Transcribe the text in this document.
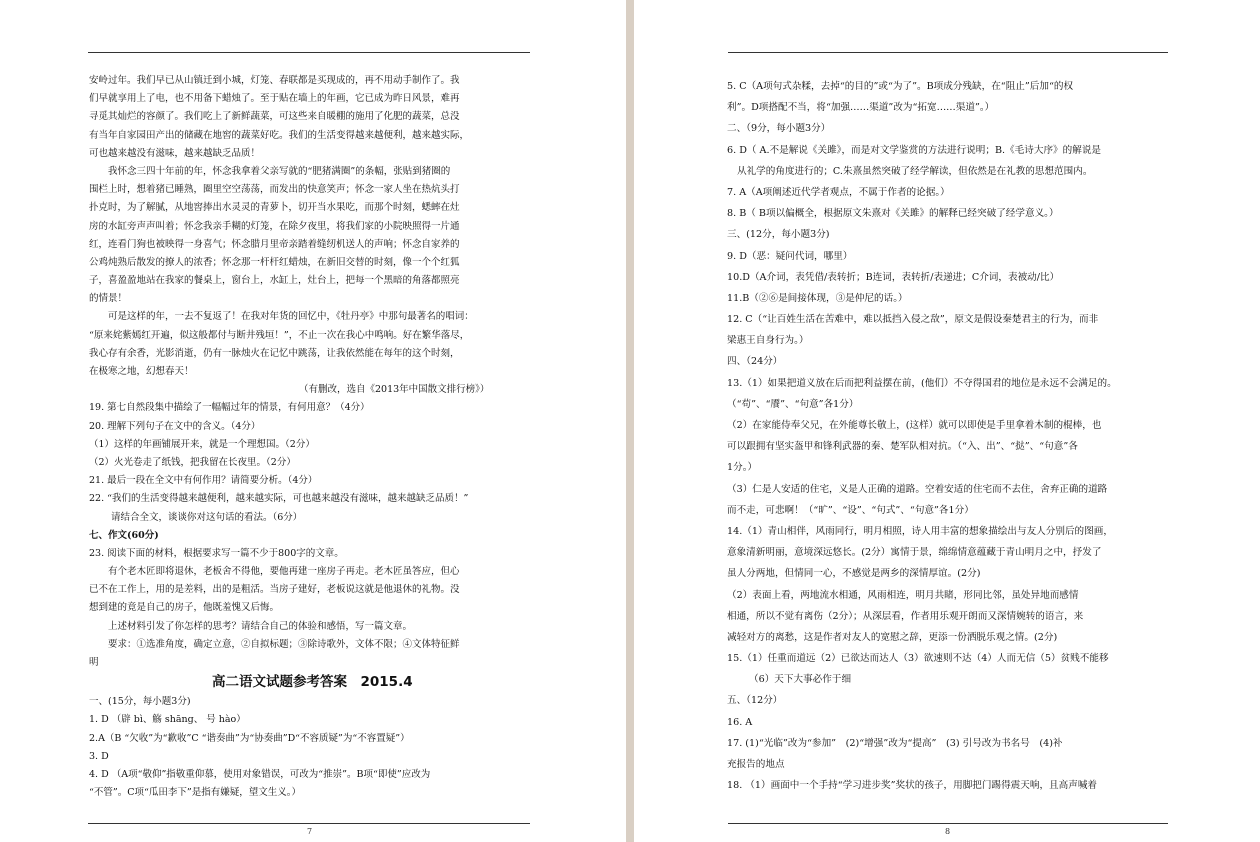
安岭过年。我们早已从山镇迁到小城，灯笼、春联都是买现成的，再不用动手制作了。我
们早就享用上了电，也不用备下蜡烛了。至于贴在墙上的年画，它已成为昨日风景，难再
寻觅其灿烂的容颜了。我们吃上了新鲜蔬菜，可这些来自暖棚的施用了化肥的蔬菜，总没
有当年自家园田产出的储藏在地窖的蔬菜好吃。我们的生活变得越来越便利，越来越实际，
可也越来越没有滋味，越来越缺乏品质！
我怀念三四十年前的年，怀念我拿着父亲写就的“肥猪满圈”的条幅，张贴到猪圈的
围栏上时，想着猪已睡熟，圈里空空荡荡，而发出的快意笑声；怀念一家人坐在热炕头打
扑克时，为了解腻，从地窖捧出水灵灵的青萝卜，切开当水果吃，而那个时刻，蟋蟀在灶
房的水缸旁声声叫着；怀念我亲手糊的灯笼，在除夕夜里，将我们家的小院映照得一片通
红，连看门狗也被映得一身喜气；怀念腊月里帝亲踏着缝纫机送人的声响；怀念自家养的
公鸡炖熟后散发的撩人的浓香；怀念那一杆杆红蜡烛，在新旧交替的时刻，像一个个红狐
子，喜盈盈地站在我家的餐桌上，窗台上，水缸上，灶台上，把每一个黑暗的角落都照亮
的情景！
可是这样的年，一去不复返了！在我对年货的回忆中，《牡丹亭》中那句最著名的唱词：
“原来姹紫嫣红开遍，似这般都付与断井残垣！”，不止一次在我心中鸣响。好在繁华落尽，
我心存有余香，光影消逝，仍有一脉烛火在记忆中跳荡，让我依然能在每年的这个时刻，
在极寒之地，幻想春天！
（有删改，选自《2013年中国散文排行榜》）
19. 第七自然段集中描绘了一幅幅过年的情景，有何用意？（4分）
20. 理解下列句子在文中的含义。（4分）
（1）这样的年画铺展开来，就是一个理想国。（2分）
（2）火光卷走了纸钱，把我留在长夜里。（2分）
21. 最后一段在全文中有何作用？请简要分析。（4分）
22. “我们的生活变得越来越便利，越来越实际，可也越来越没有滋味，越来越缺乏品质！”
请结合全文，谈谈你对这句话的看法。（6分）
七、作文(60分)
23. 阅读下面的材料，根据要求写一篇不少于800字的文章。
有个老木匠即将退休，老板舍不得他，要他再建一座房子再走。老木匠虽答应，但心
已不在工作上，用的是差料，出的是粗活。当房子建好，老板说这就是他退休的礼物。没
想到建的竟是自己的房子，他既羞愧又后悔。
上述材料引发了你怎样的思考？请结合自己的体验和感悟，写一篇文章。
要求：①选准角度，确定立意，②自拟标题；③除诗歌外，文体不限；④文体特征鲜
明
高二语文试题参考答案　2015.4
一、(15分，每小题3分)
1. D （辟 bì、觞 shāng、 号 hào）
2.A（B “欠收”为“歉收”C “谐奏曲”为“协奏曲”D“不容质疑”为“不容置疑”）
3. D
4. D （A项“敬仰”指敬重仰慕，使用对象错误，可改为“推崇”。B项“即使”应改为
“不管”。C项“瓜田李下”是指有嫌疑，望文生义。）
7
5. C（A项句式杂糅，去掉“的目的”或“为了”。B项成分残缺，在“阻止”后加“的权
利”。D项搭配不当，将“加强……渠道”改为“拓宽……渠道”。）
二、（9分，每小题3分）
6. D（ A.不是解说《关雎》，而是对文学鉴赏的方法进行说明；B.《毛诗大序》的解说是
从礼学的角度进行的；C.朱熹虽然突破了经学解读，但依然是在礼教的思想范围内。
7. A（A项阐述近代学者观点，不属于作者的论据。）
8. B（ B项以偏概全，根据原文朱熹对《关雎》的解释已经突破了经学意义。）
三、(12分，每小题3分)
9. D（恶：疑问代词，哪里）
10.D（A介词，表凭借/表转折；B连词，表转折/表递进；C介词，表被动/比）
11.B（②⑥是间接体现，③是仲尼的话。）
12. C（“让百姓生活在苦难中，难以抵挡入侵之敌”，原文是假设秦楚君主的行为，而非
梁惠王自身行为。）
四、（24分）
13.（1）如果把道义放在后而把利益摆在前，(他们）不夺得国君的地位是永远不会满足的。
（“苟”、“餍”、“句意”各1分）
（2）在家能侍奉父兄，在外能尊长敬上，(这样）就可以即使是手里拿着木制的棍棒，也
可以跟拥有坚实盔甲和锋利武器的秦、楚军队相对抗。（“入、出”、“挞”、“句意”各
1分。）
（3）仁是人安适的住宅，义是人正确的道路。空着安适的住宅而不去住，舍弃正确的道路
而不走，可悲啊！（“旷”、“设”、“句式”、“句意”各1分）
14.（1）青山相伴，风雨同行，明月相照，诗人用丰富的想象描绘出与友人分别后的图画，
意象清新明丽，意境深远悠长。(2分）寓情于景，绵绵情意蕴藏于青山明月之中，抒发了
虽人分两地，但情同一心，不感觉是两乡的深情厚谊。(2分)
（2）表面上看，两地流水相通，风雨相连，明月共睹，形同比邻，虽处异地而感情
相通，所以不觉有离伤（2分）；从深层看，作者用乐观开朗而又深情婉转的语言，来
减轻对方的离愁，这是作者对友人的宽慰之辞，更添一份洒脱乐观之情。(2分)
15.（1）任重而道远（2）已欲达而达人（3）欲速则不达（4）人而无信（5）贫贱不能移
（6）天下大事必作于细
五、（12分）
16. A
17. (1)“光临”改为“参加”　(2)“增强”改为“提高”　(3) 引号改为书名号　(4)补
充报告的地点
18. （1）画面中一个手持“学习进步奖”奖状的孩子，用脚把门踢得震天响，且高声喊着
8
